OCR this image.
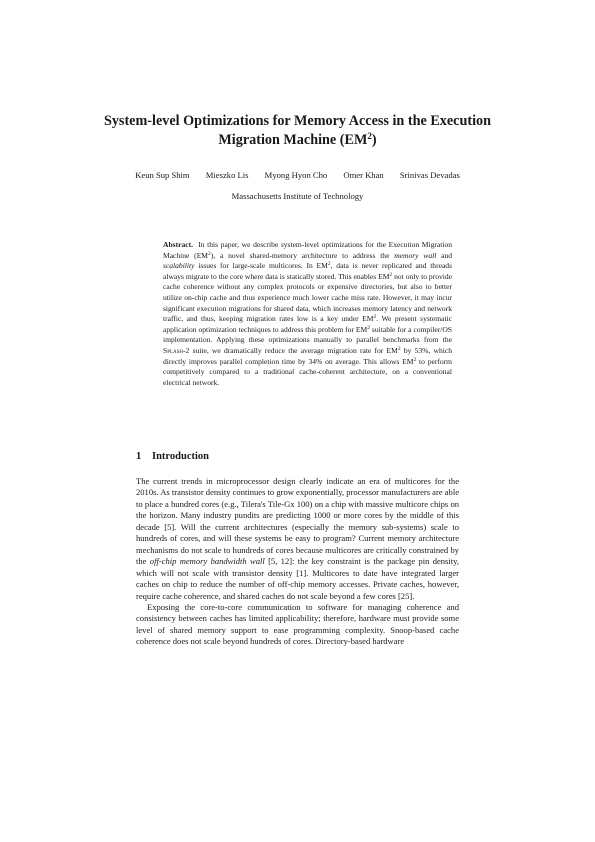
System-level Optimizations for Memory Access in the Execution Migration Machine $(EM^2)$
Keun Sup Shim Mieszko Lis Myong Hyon Cho Omer Khan Srinivas Devadas
Massachusetts Institute of Technology
Abstract. In this paper, we describe system-level optimizations for the Execution Migration Machine $(EM^2)$, a novel shared-memory architecture to address the memory wall and scalability issues for large-scale multicores. In $EM^2$, data is never replicated and threads always migrate to the core where data is statically stored. This enables $EM^2$ not only to provide cache coherence without any complex protocols or expensive directories, but also to better utilize on-chip cache and thus experience much lower cache miss rate. However, it may incur significant execution migrations for shared data, which increases memory latency and network traffic, and thus, keeping migration rates low is a key under $EM^2$. We present systematic application optimization techniques to address this problem for $EM^2$ suitable for a compiler/OS implementation. Applying these optimizations manually to parallel benchmarks from the Splash-2 suite, we dramatically reduce the average migration rate for $EM^2$ by 53%, which directly improves parallel completion time by 34% on average. This allows $EM^2$ to perform competitively compared to a traditional cache-coherent architecture, on a conventional electrical network.
1 Introduction

The current trends in microprocessor design clearly indicate an era of multicores for the 2010s. As transistor density continues to grow exponentially, processor manufacturers are able to place a hundred cores (e.g., Tilera's Tile-Gx 100) on a chip with massive multicore chips on the horizon. Many industry pundits are predicting 1000 or more cores by the middle of this decade [5]. Will the current architectures (especially the memory sub-systems) scale to hundreds of cores, and will these systems be easy to program? Current memory architecture mechanisms do not scale to hundreds of cores because multicores are critically constrained by the off-chip memory bandwidth wall [5, 12]: the key constraint is the package pin density, which will not scale with transistor density [1]. Multicores to date have integrated larger caches on chip to reduce the number of off-chip memory accesses. Private caches, however, require cache coherence, and shared caches do not scale beyond a few cores [25].

Exposing the core-to-core communication to software for managing coherence and consistency between caches has limited applicability; therefore, hardware must provide some level of shared memory support to ease programming complexity. Snoop-based cache coherence does not scale beyond hundreds of cores. Directory-based hardware
